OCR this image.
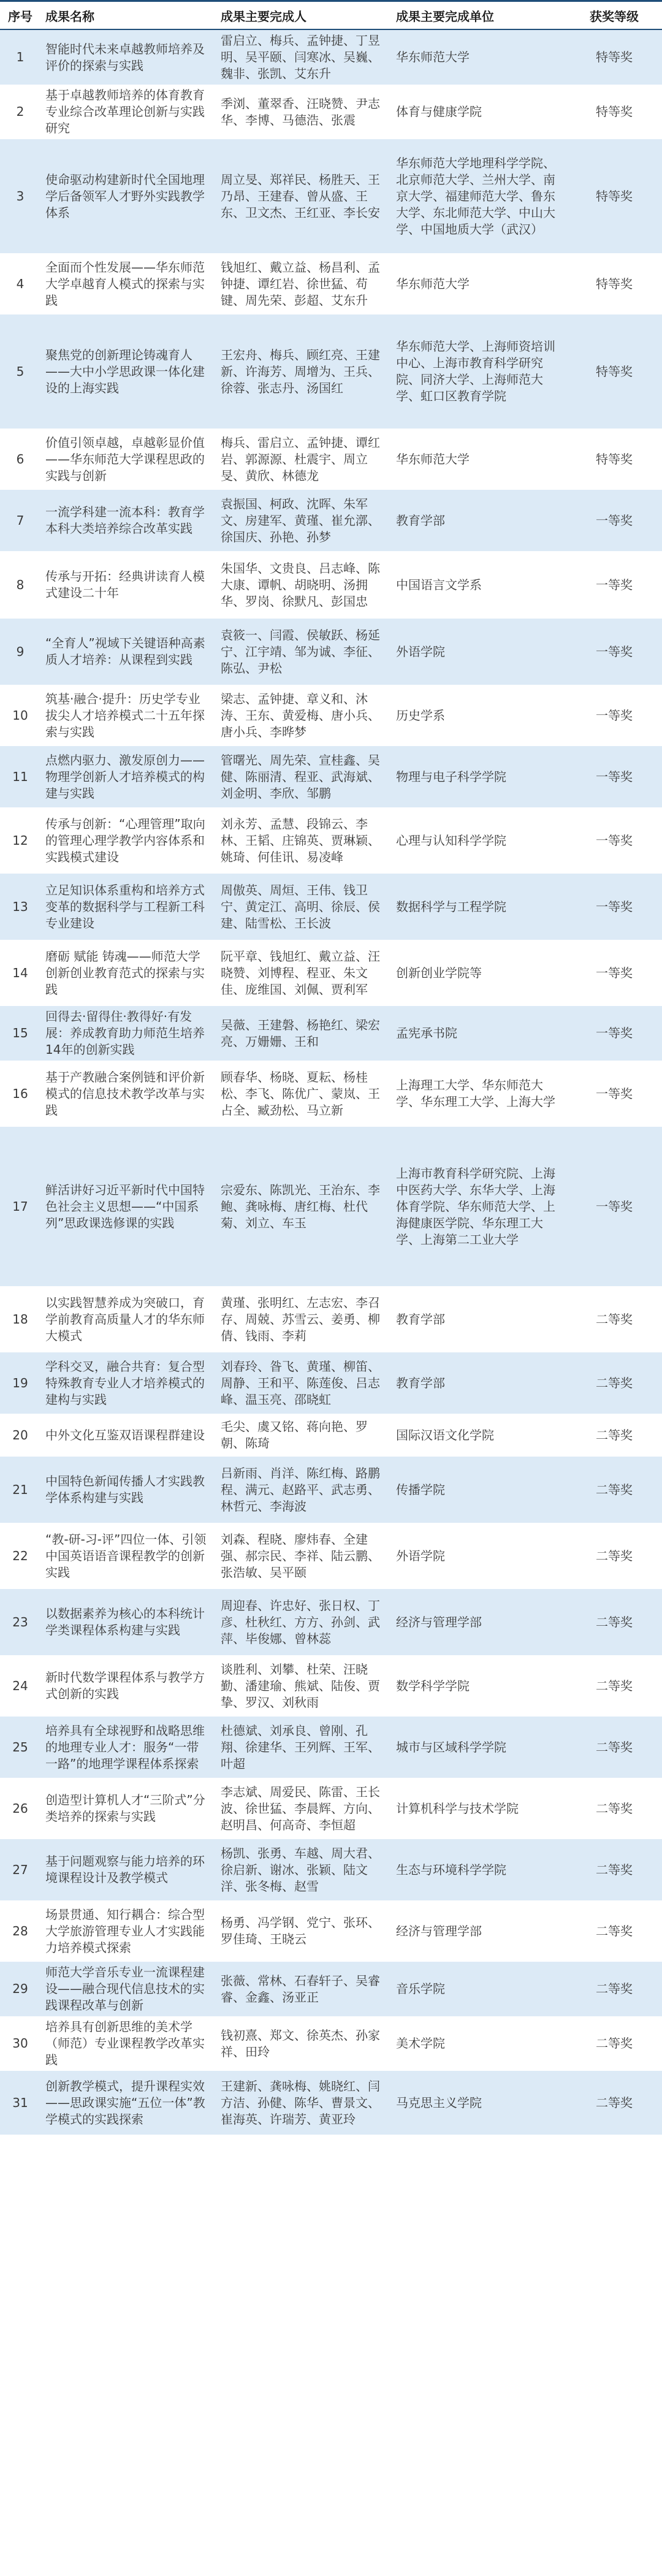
序号	成果名称	成果主要完成人	成果主要完成单位	获奖等级
1	智能时代未来卓越教师培养及评价的探索与实践	雷启立、梅兵、孟钟捷、丁昱明、吴平颐、闫寒冰、吴巍、魏非、张凯、艾东升	华东师范大学	特等奖
2	基于卓越教师培养的体育教育专业综合改革理论创新与实践研究	季浏、董翠香、汪晓赞、尹志华、李博、马德浩、张震	体育与健康学院	特等奖
3	使命驱动构建新时代全国地理学后备领军人才野外实践教学体系	周立旻、郑祥民、杨胜天、王乃昂、王建春、曾从盛、王东、卫文杰、王红亚、李长安	华东师范大学地理科学学院、北京师范大学、兰州大学、南京大学、福建师范大学、鲁东大学、东北师范大学、中山大学、中国地质大学（武汉）	特等奖
4	全面而个性发展——华东师范大学卓越育人模式的探索与实践	钱旭红、戴立益、杨昌利、孟钟捷、谭红岩、徐世猛、苟键、周先荣、彭超、艾东升	华东师范大学	特等奖
5	聚焦党的创新理论铸魂育人——大中小学思政课一体化建设的上海实践	王宏舟、梅兵、顾红亮、王建新、许海芳、周增为、王兵、徐蓉、张志丹、汤国红	华东师范大学、上海师资培训中心、上海市教育科学研究院、同济大学、上海师范大学、虹口区教育学院	特等奖
6	价值引领卓越，卓越彰显价值——华东师范大学课程思政的实践与创新	梅兵、雷启立、孟钟捷、谭红岩、郭源源、杜震宇、周立旻、黄欣、林德龙	华东师范大学	特等奖
7	一流学科建一流本科：教育学本科大类培养综合改革实践	袁振国、柯政、沈晖、朱军文、房建军、黄瑾、崔允漷、徐国庆、孙艳、孙梦	教育学部	一等奖
8	传承与开拓：经典讲读育人模式建设二十年	朱国华、文贵良、吕志峰、陈大康、谭帆、胡晓明、汤拥华、罗岗、徐默凡、彭国忠	中国语言文学系	一等奖
9	“全育人”视域下关键语种高素质人才培养：从课程到实践	袁筱一、闫霞、侯敏跃、杨延宁、江宇靖、邹为诚、李征、陈弘、尹松	外语学院	一等奖
10	筑基·融合·提升：历史学专业拔尖人才培养模式二十五年探索与实践	梁志、孟钟捷、章义和、沐涛、王东、黄爱梅、唐小兵、唐小兵、李晔梦	历史学系	一等奖
11	点燃内驱力、激发原创力——物理学创新人才培养模式的构建与实践	管曙光、周先荣、宣桂鑫、吴健、陈丽清、程亚、武海斌、刘金明、李欣、邹鹏	物理与电子科学学院	一等奖
12	传承与创新：“心理管理”取向的管理心理学教学内容体系和实践模式建设	刘永芳、孟慧、段锦云、李林、王韬、庄锦英、贾琳颖、姚琦、何佳讯、易凌峰	心理与认知科学学院	一等奖
13	立足知识体系重构和培养方式变革的数据科学与工程新工科专业建设	周傲英、周烜、王伟、钱卫宁、黄定江、高明、徐辰、侯建、陆雪松、王长波	数据科学与工程学院	一等奖
14	磨砺 赋能 铸魂——师范大学创新创业教育范式的探索与实践	阮平章、钱旭红、戴立益、汪晓赞、刘博程、程亚、朱文佳、庞维国、刘佩、贾利军	创新创业学院等	一等奖
15	回得去·留得住·教得好·有发展：养成教育助力师范生培养14年的创新实践	吴薇、王建磐、杨艳红、梁宏亮、万姗姗、王和	孟宪承书院	一等奖
16	基于产教融合案例链和评价新模式的信息技术教学改革与实践	顾春华、杨晓、夏耘、杨桂松、李飞、陈优广、蒙岚、王占全、臧劲松、马立新	上海理工大学、华东师范大学、华东理工大学、上海大学	一等奖
17	鲜活讲好习近平新时代中国特色社会主义思想——“中国系列”思政课选修课的实践	宗爱东、陈凯光、王治东、李鲍、龚咏梅、唐红梅、杜代菊、刘立、车玉	上海市教育科学研究院、上海中医药大学、东华大学、上海体育学院、华东师范大学、上海健康医学院、华东理工大学、上海第二工业大学	一等奖
18	以实践智慧养成为突破口，育学前教育高质量人才的华东师大模式	黄瑾、张明红、左志宏、李召存、周兢、苏雪云、姜勇、柳倩、钱雨、李莉	教育学部	二等奖
19	学科交叉，融合共育：复合型特殊教育专业人才培养模式的建构与实践	刘春玲、昝飞、黄瑾、柳笛、周静、王和平、陈莲俊、吕志峰、温玉亮、邵晓虹	教育学部	二等奖
20	中外文化互鉴双语课程群建设	毛尖、虞又铭、蒋向艳、罗朝、陈琦	国际汉语文化学院	二等奖
21	中国特色新闻传播人才实践教学体系构建与实践	吕新雨、肖洋、陈红梅、路鹏程、满元、赵路平、武志勇、林哲元、李海波	传播学院	二等奖
22	“教-研-习-评”四位一体、引领中国英语语音课程教学的创新实践	刘森、程晓、廖炜春、全建强、郝宗民、李祥、陆云鹏、张浩敏、吴平颐	外语学院	二等奖
23	以数据素养为核心的本科统计学类课程体系构建与实践	周迎春、许忠好、张日权、丁彦、杜秋红、方方、孙剑、武萍、毕俊娜、曾林蕊	经济与管理学部	二等奖
24	新时代数学课程体系与教学方式创新的实践	谈胜利、刘攀、杜荣、汪晓勤、潘建瑜、熊斌、陆俊、贾挚、罗汉、刘秋雨	数学科学学院	二等奖
25	培养具有全球视野和战略思维的地理专业人才：服务“一带一路”的地理学课程体系探索	杜德斌、刘承良、曾刚、孔翔、徐建华、王列辉、王军、叶超	城市与区域科学学院	二等奖
26	创造型计算机人才“三阶式”分类培养的探索与实践	李志斌、周爱民、陈雷、王长波、徐世猛、李晨辉、方向、赵明昌、何高奇、李恒超	计算机科学与技术学院	二等奖
27	基于问题观察与能力培养的环境课程设计及教学模式	杨凯、张勇、车越、周大君、徐启新、谢冰、张颖、陆文洋、张冬梅、赵雪	生态与环境科学学院	二等奖
28	场景贯通、知行耦合：综合型大学旅游管理专业人才实践能力培养模式探索	杨勇、冯学钢、党宁、张环、罗佳琦、王晓云	经济与管理学部	二等奖
29	师范大学音乐专业一流课程建设——融合现代信息技术的实践课程改革与创新	张薇、常林、石春轩子、吴睿睿、金鑫、汤亚正	音乐学院	二等奖
30	培养具有创新思维的美术学（师范）专业课程教学改革实践	钱初熹、郑文、徐英杰、孙家祥、田玲	美术学院	二等奖
31	创新教学模式，提升课程实效——思政课实施“五位一体”教学模式的实践探索	王建新、龚咏梅、姚晓红、闫方洁、孙健、陈华、曹景文、崔海英、许瑞芳、黄亚玲	马克思主义学院	二等奖
